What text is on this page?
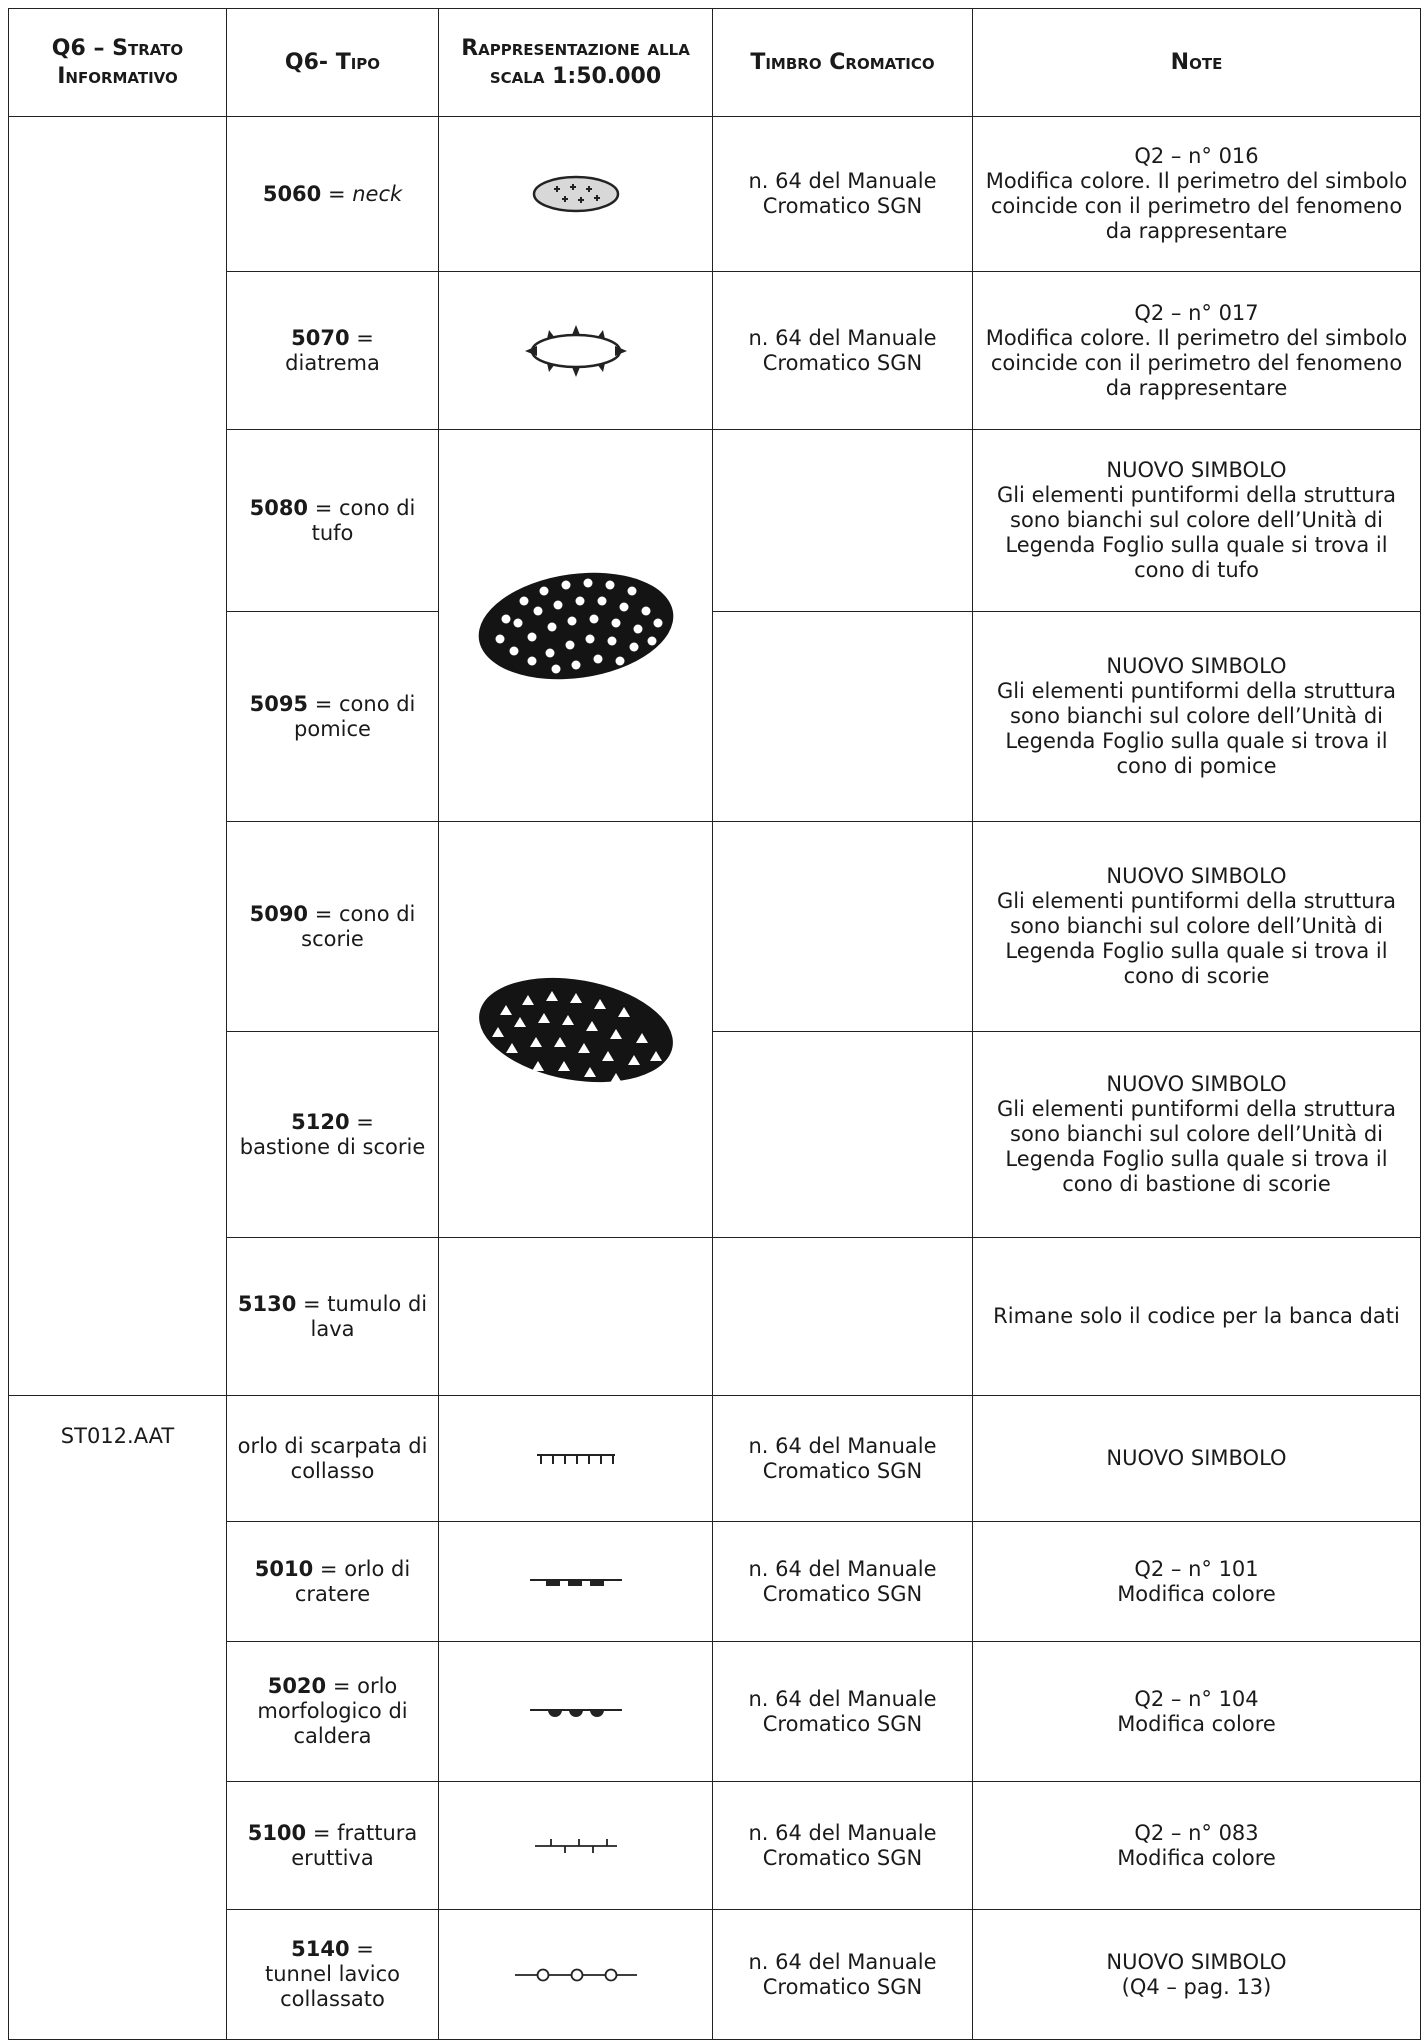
Q6 – Strato Informativo	Q6- Tipo	Rappresentazione alla scala 1:50.000	Timbro Cromatico	Note
	5060 = neck		n. 64 del Manuale Cromatico SGN	Q2 – n° 016
Modifica colore. Il perimetro del simbolo coincide con il perimetro del fenomeno da rappresentare

	5070 =
diatrema		n. 64 del Manuale Cromatico SGN	Q2 – n° 017
Modifica colore. Il perimetro del simbolo coincide con il perimetro del fenomeno da rappresentare

	5080 = cono di tufo			NUOVO SIMBOLO
Gli elementi puntiformi della struttura sono bianchi sul colore dell’Unità di Legenda Foglio sulla quale si trova il cono di tufo

	5095 = cono di pomice			NUOVO SIMBOLO
Gli elementi puntiformi della struttura sono bianchi sul colore dell’Unità di Legenda Foglio sulla quale si trova il cono di pomice

	5090 = cono di scorie			NUOVO SIMBOLO
Gli elementi puntiformi della struttura sono bianchi sul colore dell’Unità di Legenda Foglio sulla quale si trova il cono di scorie

	5120 =
bastione di scorie			NUOVO SIMBOLO
Gli elementi puntiformi della struttura sono bianchi sul colore dell’Unità di Legenda Foglio sulla quale si trova il cono di bastione di scorie

	5130 = tumulo di lava			Rimane solo il codice per la banca dati

ST012.AAT	orlo di scarpata di collasso		n. 64 del Manuale Cromatico SGN	NUOVO SIMBOLO

	5010 = orlo di cratere		n. 64 del Manuale Cromatico SGN	Q2 – n° 101
Modifica colore

	5020 = orlo morfologico di caldera		n. 64 del Manuale Cromatico SGN	Q2 – n° 104
Modifica colore

	5100 = frattura eruttiva		n. 64 del Manuale Cromatico SGN	Q2 – n° 083
Modifica colore

	5140 =
tunnel lavico collassato		n. 64 del Manuale Cromatico SGN	NUOVO SIMBOLO
(Q4 – pag. 13)
